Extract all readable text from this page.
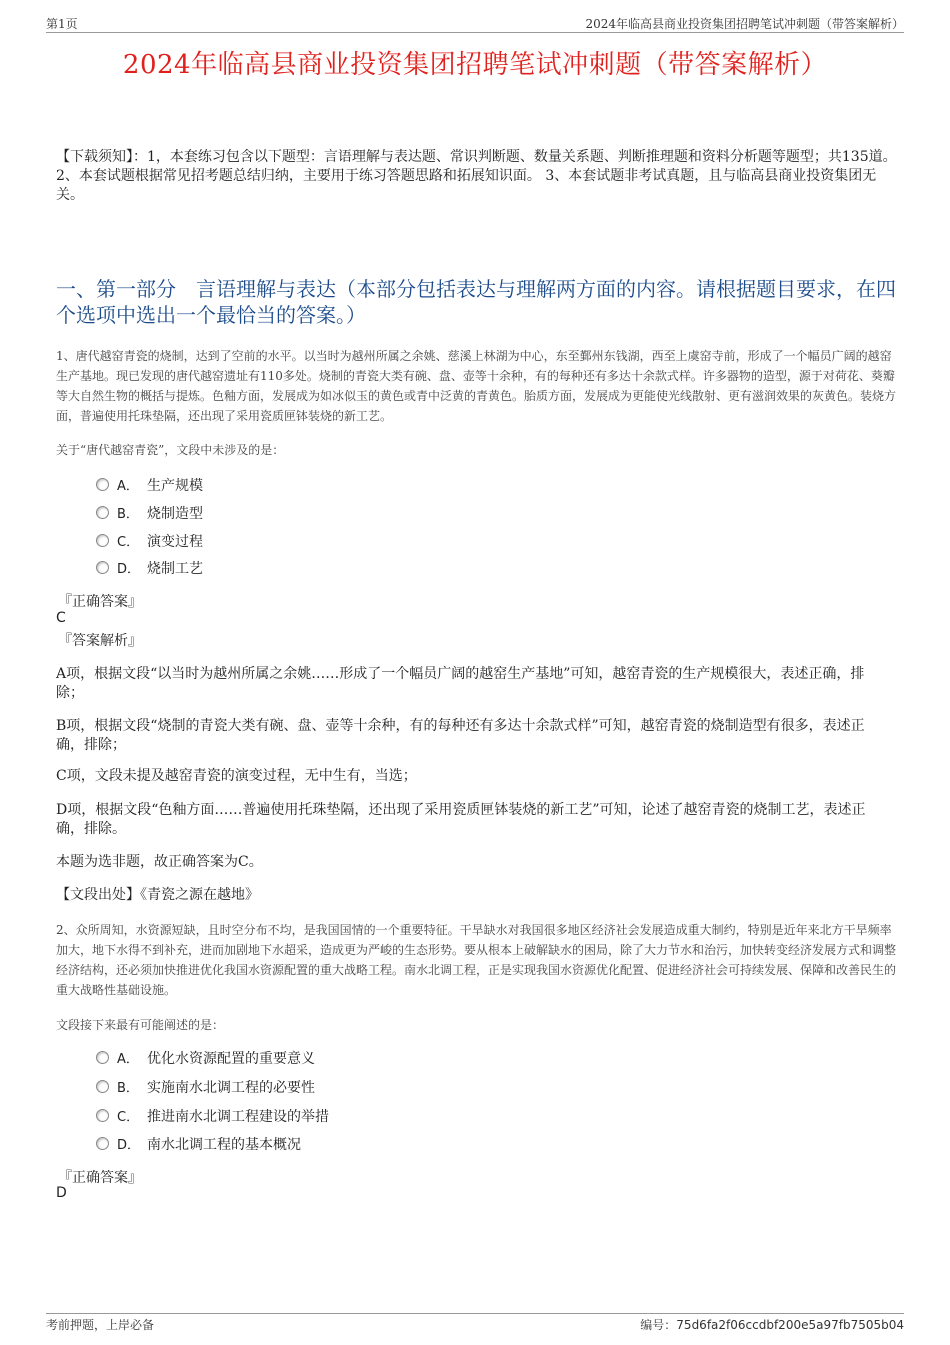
第1页	2024年临高县商业投资集团招聘笔试冲刺题（带答案解析）
2024年临高县商业投资集团招聘笔试冲刺题（带答案解析）
【下载须知】：1，本套练习包含以下题型：言语理解与表达题、常识判断题、数量关系题、判断推理题和资料分析题等题型；共135道。 2、本套试题根据常见招考题总结归纳，主要用于练习答题思路和拓展知识面。 3、本套试题非考试真题，且与临高县商业投资集团无关。
一、第一部分　言语理解与表达（本部分包括表达与理解两方面的内容。请根据题目要求，在四个选项中选出一个最恰当的答案。）
1、唐代越窑青瓷的烧制，达到了空前的水平。以当时为越州所属之余姚、慈溪上林湖为中心，东至鄞州东钱湖，西至上虞窑寺前，形成了一个幅员广阔的越窑生产基地。现已发现的唐代越窑遗址有110多处。烧制的青瓷大类有碗、盘、壶等十余种，有的每种还有多达十余款式样。许多器物的造型，源于对荷花、葵瓣等大自然生物的概括与提炼。色釉方面，发展成为如冰似玉的黄色或青中泛黄的青黄色。胎质方面，发展成为更能使光线散射、更有滋润效果的灰黄色。装烧方面，普遍使用托珠垫隔，还出现了采用瓷质匣钵装烧的新工艺。
关于“唐代越窑青瓷”，文段中未涉及的是：
A． 生产规模
B． 烧制造型
C． 演变过程
D． 烧制工艺
『正确答案』
C
『答案解析』
A项，根据文段“以当时为越州所属之余姚……形成了一个幅员广阔的越窑生产基地”可知，越窑青瓷的生产规模很大，表述正确，排除；
B项，根据文段“烧制的青瓷大类有碗、盘、壶等十余种，有的每种还有多达十余款式样”可知，越窑青瓷的烧制造型有很多，表述正确，排除；
C项，文段未提及越窑青瓷的演变过程，无中生有，当选；
D项，根据文段“色釉方面……普遍使用托珠垫隔，还出现了采用瓷质匣钵装烧的新工艺”可知，论述了越窑青瓷的烧制工艺，表述正确，排除。
本题为选非题，故正确答案为C。
【文段出处】《青瓷之源在越地》
2、众所周知，水资源短缺，且时空分布不均，是我国国情的一个重要特征。干旱缺水对我国很多地区经济社会发展造成重大制约，特别是近年来北方干旱频率加大，地下水得不到补充，进而加剧地下水超采，造成更为严峻的生态形势。要从根本上破解缺水的困局，除了大力节水和治污，加快转变经济发展方式和调整经济结构，还必须加快推进优化我国水资源配置的重大战略工程。南水北调工程，正是实现我国水资源优化配置、促进经济社会可持续发展、保障和改善民生的重大战略性基础设施。
文段接下来最有可能阐述的是：
A． 优化水资源配置的重要意义
B． 实施南水北调工程的必要性
C． 推进南水北调工程建设的举措
D． 南水北调工程的基本概况
『正确答案』
D
考前押题，上岸必备	编号：75d6fa2f06ccdbf200e5a97fb7505b04
